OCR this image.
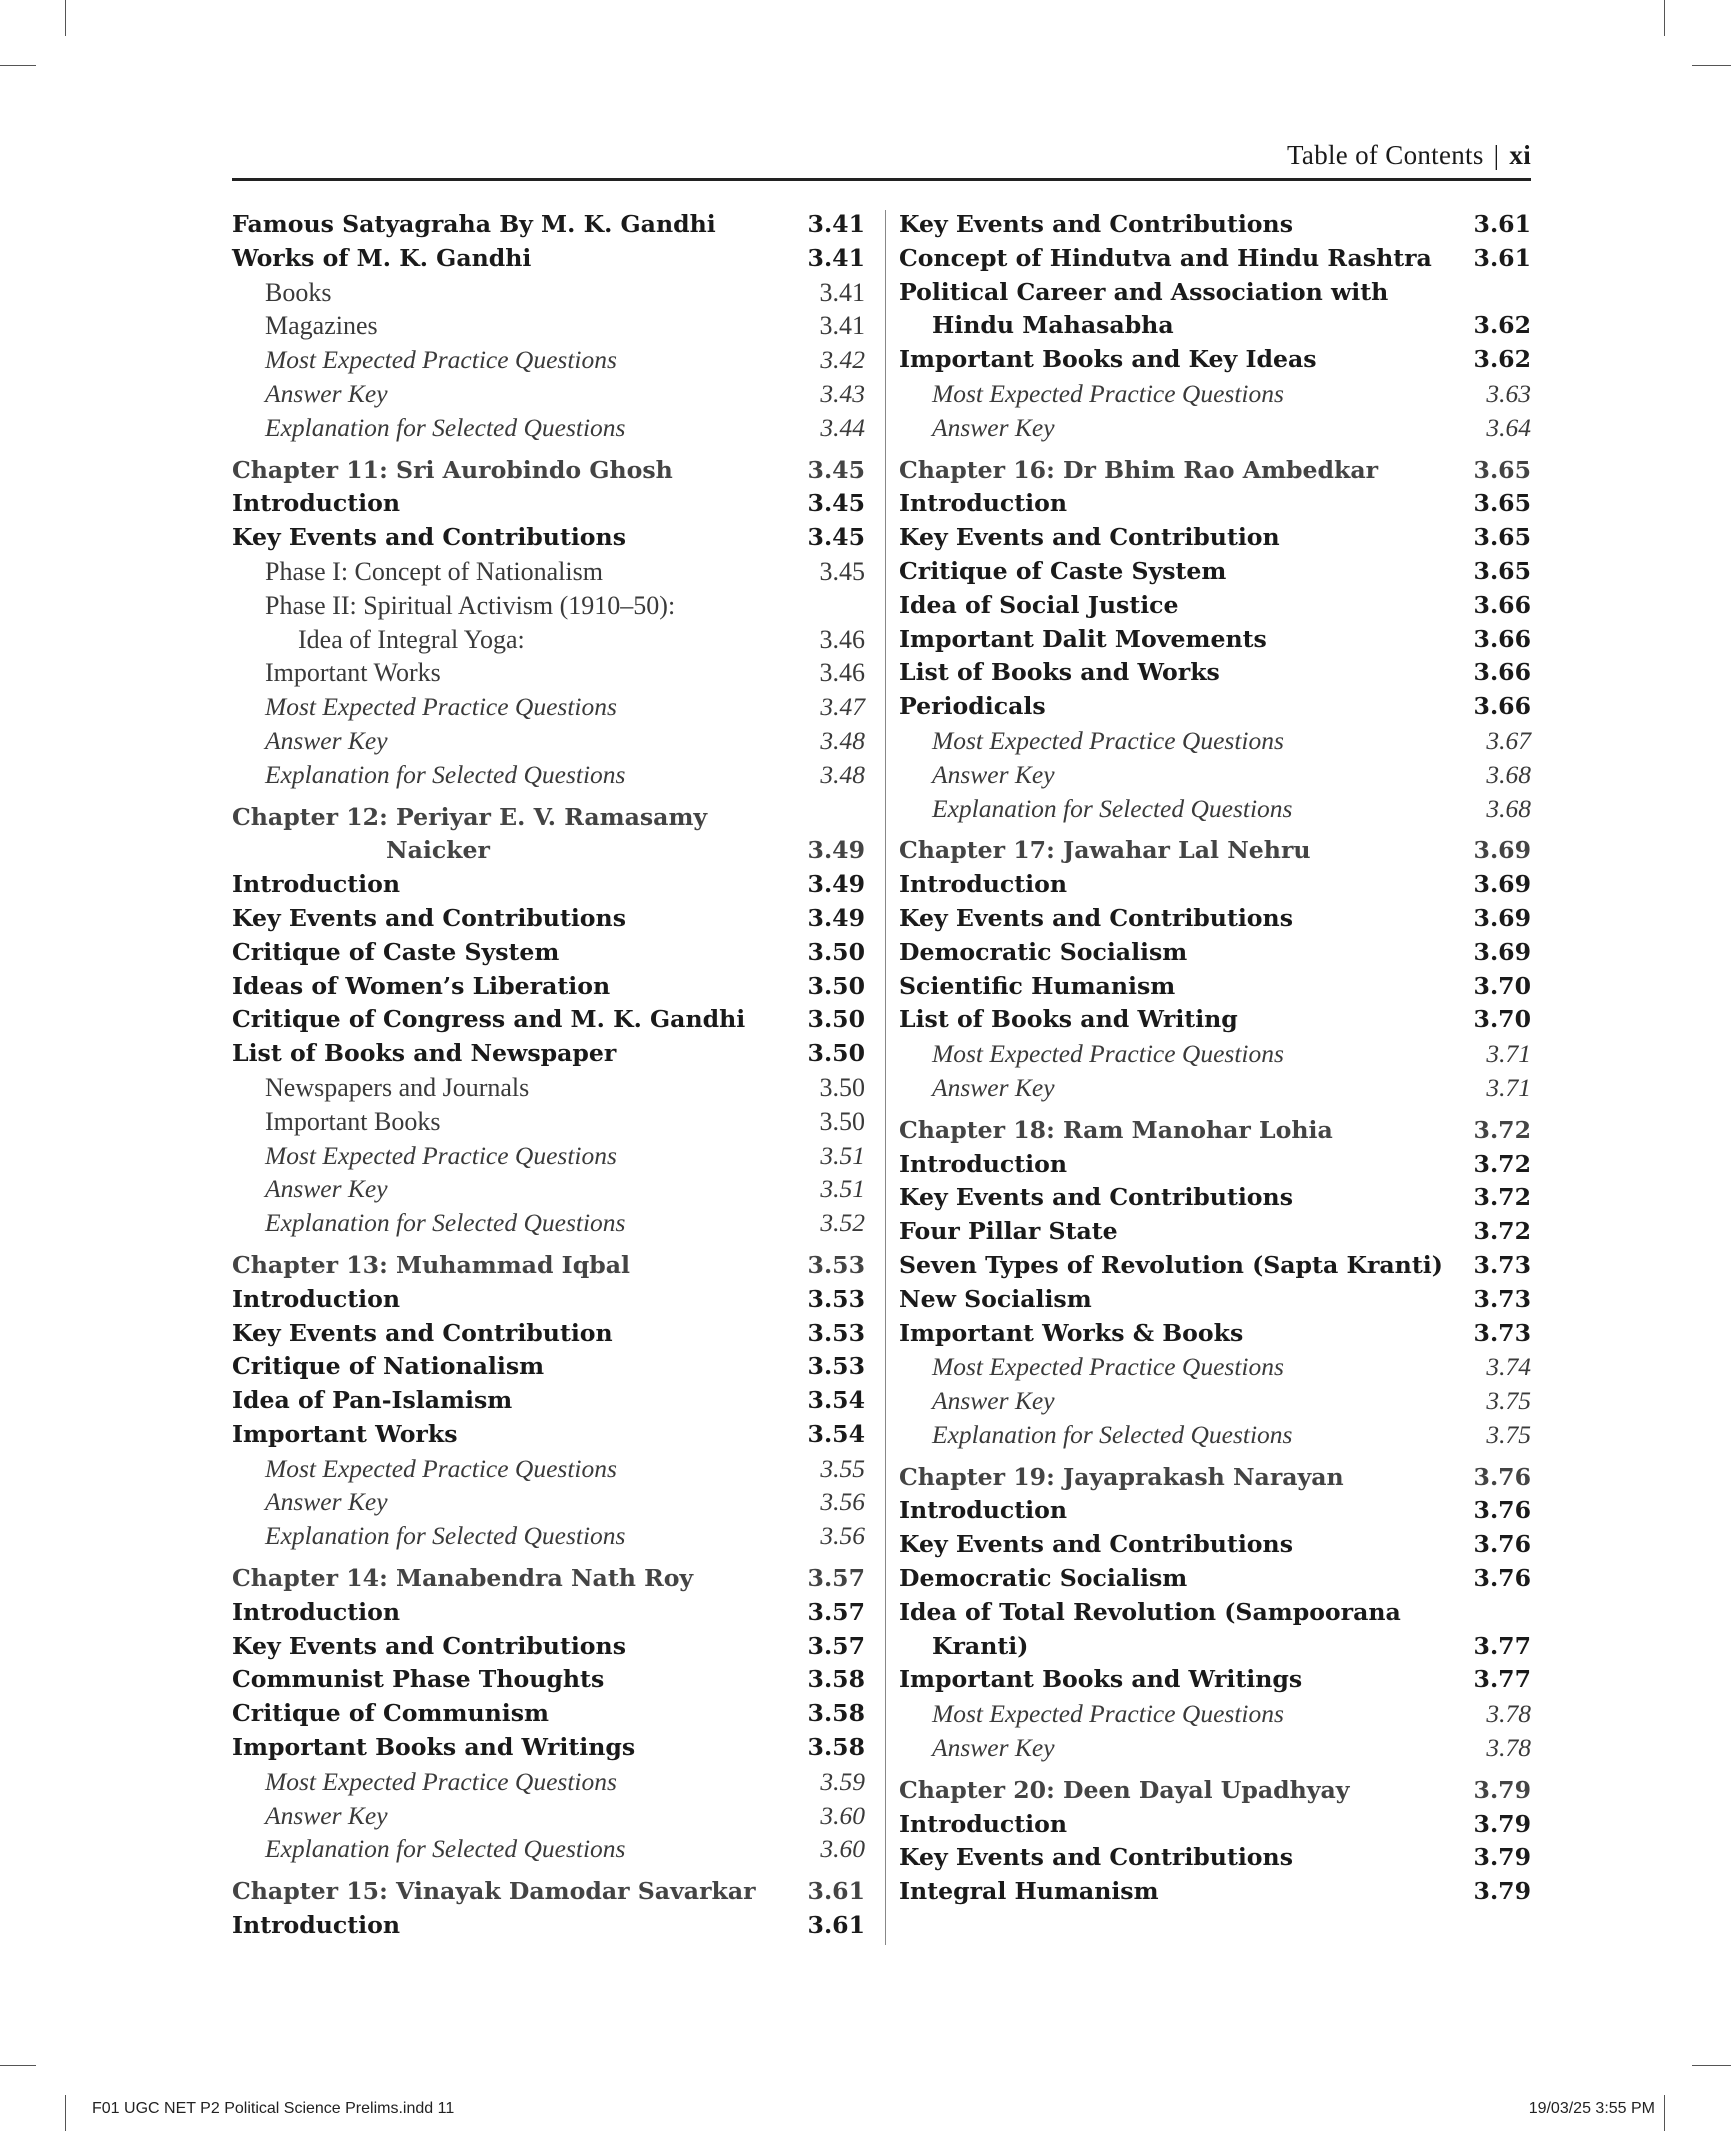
Table of Contents | xi
Famous Satyagraha By M. K. Gandhi	3.41
Works of M. K. Gandhi	3.41
Books	3.41
Magazines	3.41
Most Expected Practice Questions	3.42
Answer Key	3.43
Explanation for Selected Questions	3.44
Chapter 11: Sri Aurobindo Ghosh	3.45
Introduction	3.45
Key Events and Contributions	3.45
Phase I: Concept of Nationalism	3.45
Phase II: Spiritual Activism (1910–50):
Idea of Integral Yoga:	3.46
Important Works	3.46
Most Expected Practice Questions	3.47
Answer Key	3.48
Explanation for Selected Questions	3.48
Chapter 12: Periyar E. V. Ramasamy
Naicker	3.49
Introduction	3.49
Key Events and Contributions	3.49
Critique of Caste System	3.50
Ideas of Women’s Liberation	3.50
Critique of Congress and M. K. Gandhi	3.50
List of Books and Newspaper	3.50
Newspapers and Journals	3.50
Important Books	3.50
Most Expected Practice Questions	3.51
Answer Key	3.51
Explanation for Selected Questions	3.52
Chapter 13: Muhammad Iqbal	3.53
Introduction	3.53
Key Events and Contribution	3.53
Critique of Nationalism	3.53
Idea of Pan-Islamism	3.54
Important Works	3.54
Most Expected Practice Questions	3.55
Answer Key	3.56
Explanation for Selected Questions	3.56
Chapter 14: Manabendra Nath Roy	3.57
Introduction	3.57
Key Events and Contributions	3.57
Communist Phase Thoughts	3.58
Critique of Communism	3.58
Important Books and Writings	3.58
Most Expected Practice Questions	3.59
Answer Key	3.60
Explanation for Selected Questions	3.60
Chapter 15: Vinayak Damodar Savarkar 3.61
Introduction	3.61
Key Events and Contributions	3.61
Concept of Hindutva and Hindu Rashtra 3.61
Political Career and Association with
Hindu Mahasabha	3.62
Important Books and Key Ideas	3.62
Most Expected Practice Questions	3.63
Answer Key	3.64
Chapter 16: Dr Bhim Rao Ambedkar	3.65
Introduction	3.65
Key Events and Contribution	3.65
Critique of Caste System	3.65
Idea of Social Justice	3.66
Important Dalit Movements	3.66
List of Books and Works	3.66
Periodicals	3.66
Most Expected Practice Questions	3.67
Answer Key	3.68
Explanation for Selected Questions	3.68
Chapter 17: Jawahar Lal Nehru	3.69
Introduction	3.69
Key Events and Contributions	3.69
Democratic Socialism	3.69
Scientific Humanism	3.70
List of Books and Writing	3.70
Most Expected Practice Questions	3.71
Answer Key	3.71
Chapter 18: Ram Manohar Lohia	3.72
Introduction	3.72
Key Events and Contributions	3.72
Four Pillar State	3.72
Seven Types of Revolution (Sapta Kranti) 3.73
New Socialism	3.73
Important Works & Books	3.73
Most Expected Practice Questions	3.74
Answer Key	3.75
Explanation for Selected Questions	3.75
Chapter 19: Jayaprakash Narayan	3.76
Introduction	3.76
Key Events and Contributions	3.76
Democratic Socialism	3.76
Idea of Total Revolution (Sampoorana
Kranti)	3.77
Important Books and Writings	3.77
Most Expected Practice Questions	3.78
Answer Key	3.78
Chapter 20: Deen Dayal Upadhyay	3.79
Introduction	3.79
Key Events and Contributions	3.79
Integral Humanism	3.79
F01 UGC NET P2 Political Science Prelims.indd 11	19/03/25 3:55 PM
